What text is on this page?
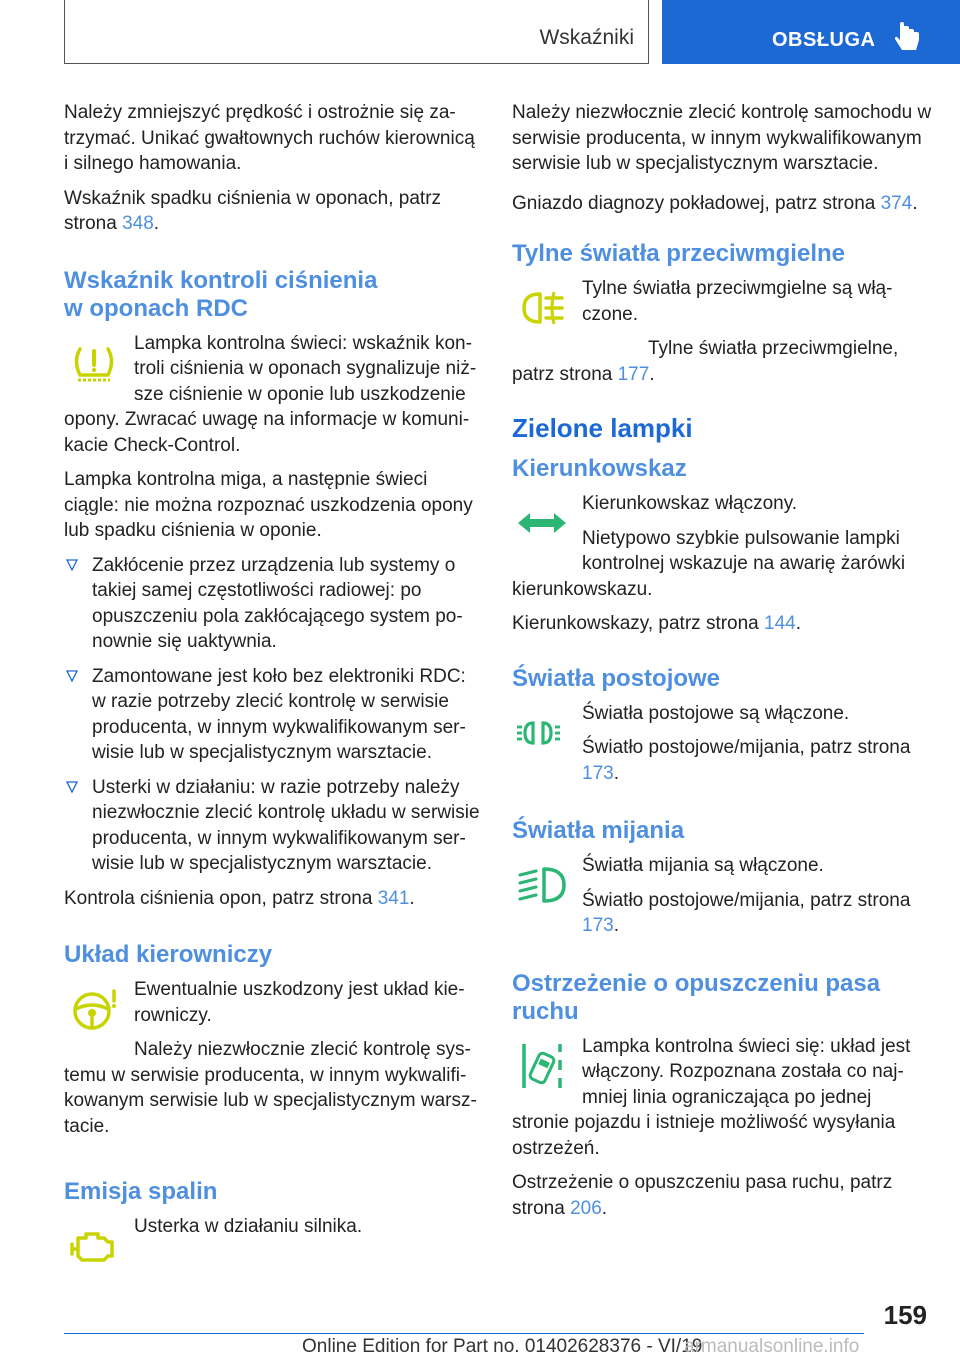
Wskaźniki	OBSŁUGA

Należy zmniejszyć prędkość i ostrożnie się zatrzymać. Unikać gwałtownych ruchów kierownicą i silnego hamowania.

Wskaźnik spadku ciśnienia w oponach, patrz strona 348.

Wskaźnik kontroli ciśnienia w oponach RDC

Lampka kontrolna świeci: wskaźnik kontroli ciśnienia w oponach sygnalizuje niższe ciśnienie w oponie lub uszkodzenie opony. Zwracać uwagę na informacje w komunikacie Check-Control.

Lampka kontrolna miga, a następnie świeci ciągle: nie można rozpoznać uszkodzenia opony lub spadku ciśnienia w oponie.

Zakłócenie przez urządzenia lub systemy o takiej samej częstotliwości radiowej: po opuszczeniu pola zakłócającego system ponownie się uaktywnia.
Zamontowane jest koło bez elektroniki RDC: w razie potrzeby zlecić kontrolę w serwisie producenta, w innym wykwalifikowanym serwisie lub w specjalistycznym warsztacie.
Usterki w działaniu: w razie potrzeby należy niezwłocznie zlecić kontrolę układu w serwisie producenta, w innym wykwalifikowanym serwisie lub w specjalistycznym warsztacie.

Kontrola ciśnienia opon, patrz strona 341.

Układ kierowniczy

Ewentualnie uszkodzony jest układ kierowniczy.

Należy niezwłocznie zlecić kontrolę systemu w serwisie producenta, w innym wykwalifikowanym serwisie lub w specjalistycznym warsztacie.

Emisja spalin

Usterka w działaniu silnika.

Należy niezwłocznie zlecić kontrolę samochodu w serwisie producenta, w innym wykwalifikowanym serwisie lub w specjalistycznym warsztacie.

Gniazdo diagnozy pokładowej, patrz strona 374.

Tylne światła przeciwmgielne

Tylne światła przeciwmgielne są włączone.

Tylne światła przeciwmgielne, patrz strona 177.

Zielone lampki
Kierunkowskaz

Kierunkowskaz włączony.

Nietypowo szybkie pulsowanie lampki kontrolnej wskazuje na awarię żarówki kierunkowskazu.

Kierunkowskazy, patrz strona 144.

Światła postojowe

Światła postojowe są włączone.

Światło postojowe/mijania, patrz strona 173.

Światła mijania

Światła mijania są włączone.

Światło postojowe/mijania, patrz strona 173.

Ostrzeżenie o opuszczeniu pasa ruchu

Lampka kontrolna świeci się: układ jest włączony. Rozpoznana została co najmniej linia ograniczająca po jednej stronie pojazdu i istnieje możliwość wysyłania ostrzeżeń.

Ostrzeżenie o opuszczeniu pasa ruchu, patrz strona 206.

159
Online Edition for Part no. 01402628376 - VI/19
armanualsonline.info
